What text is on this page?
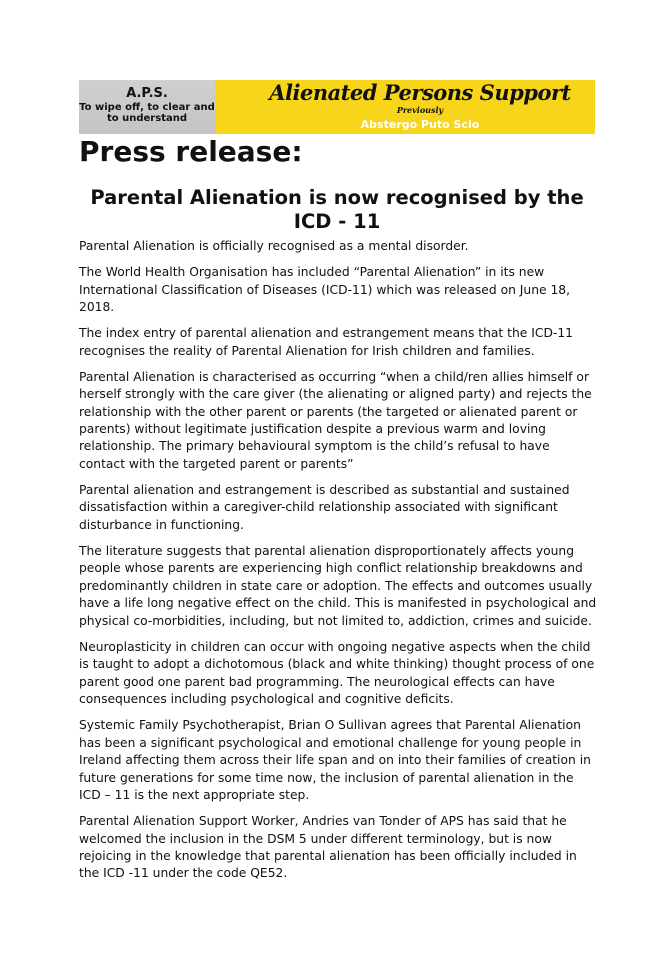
A.P.S.
To wipe off, to clear and
to understand
Alienated Persons Support
Previously
Abstergo Puto Scio
Press release:
Parental Alienation is now recognised by the ICD - 11

Parental Alienation is officially recognised as a mental disorder.

The World Health Organisation has included “Parental Alienation” in its new International Classification of Diseases (ICD-11) which was released on June 18, 2018.

The index entry of parental alienation and estrangement means that the ICD-11 recognises the reality of Parental Alienation for Irish children and families.

Parental Alienation is characterised as occurring “when a child/ren allies himself or herself strongly with the care giver (the alienating or aligned party) and rejects the relationship with the other parent or parents (the targeted or alienated parent or parents) without legitimate justification despite a previous warm and loving relationship. The primary behavioural symptom is the child’s refusal to have contact with the targeted parent or parents”

Parental alienation and estrangement is described as substantial and sustained dissatisfaction within a caregiver-child relationship associated with significant disturbance in functioning.

The literature suggests that parental alienation disproportionately affects young people whose parents are experiencing high conflict relationship breakdowns and predominantly children in state care or adoption. The effects and outcomes usually have a life long negative effect on the child. This is manifested in psychological and physical co-morbidities, including, but not limited to, addiction, crimes and suicide.

Neuroplasticity in children can occur with ongoing negative aspects when the child is taught to adopt a dichotomous (black and white thinking) thought process of one parent good one parent bad programming. The neurological effects can have consequences including psychological and cognitive deficits.

Systemic Family Psychotherapist, Brian O Sullivan agrees that Parental Alienation has been a significant psychological and emotional challenge for young people in Ireland affecting them across their life span and on into their families of creation in future generations for some time now, the inclusion of parental alienation in the ICD – 11 is the next appropriate step.

Parental Alienation Support Worker, Andries van Tonder of APS has said that he welcomed the inclusion in the DSM 5 under different terminology, but is now rejoicing in the knowledge that parental alienation has been officially included in the ICD -11 under the code QE52.
